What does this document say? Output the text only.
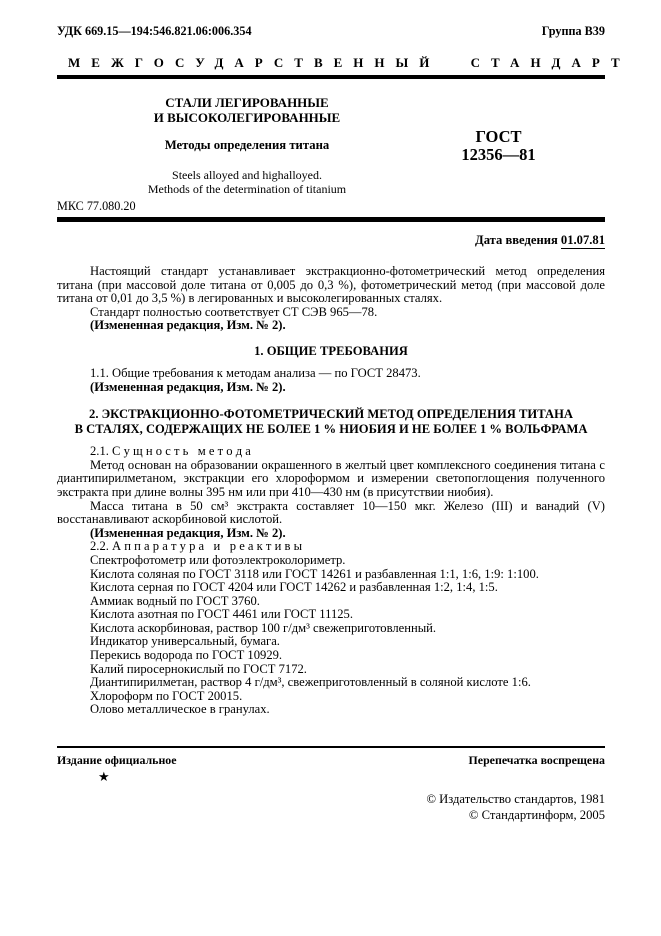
УДК 669.15—194:546.821.06:006.354	Группа В39
МЕЖГОСУДАРСТВЕННЫЙ СТАНДАРТ
СТАЛИ ЛЕГИРОВАННЫЕ
И ВЫСОКОЛЕГИРОВАННЫЕ
Методы определения титана
Steels alloyed and highalloyed.
Methods of the determination of titanium
ГОСТ
12356—81
МКС 77.080.20
Дата введения 01.07.81

Настоящий стандарт устанавливает экстракционно-фотометрический метод определения титана (при массовой доле титана от 0,005 до 0,3 %), фотометрический метод (при массовой доле титана от 0,01 до 3,5 %) в легированных и высоколегированных сталях.

Стандарт полностью соответствует СТ СЭВ 965—78.

(Измененная редакция, Изм. № 2).

1. ОБЩИЕ ТРЕБОВАНИЯ

1.1. Общие требования к методам анализа — по ГОСТ 28473.

(Измененная редакция, Изм. № 2).

2. ЭКСТРАКЦИОННО-ФОТОМЕТРИЧЕСКИЙ МЕТОД ОПРЕДЕЛЕНИЯ ТИТАНА
В СТАЛЯХ, СОДЕРЖАЩИХ НЕ БОЛЕЕ 1 % НИОБИЯ И НЕ БОЛЕЕ 1 % ВОЛЬФРАМА

2.1. С у щ н о с т ь   м е т о д а

Метод основан на образовании окрашенного в желтый цвет комплексного соединения титана с диантипирилметаном, экстракции его хлороформом и измерении светопоглощения полученного экстракта при длине волны 395 нм или при 410—430 нм (в присутствии ниобия).

Масса титана в 50 см³ экстракта составляет 10—150 мкг. Железо (III) и ванадий (V) восстанавливают аскорбиновой кислотой.

(Измененная редакция, Изм. № 2).

2.2. А п п а р а т у р а   и   р е а к т и в ы

Спектрофотометр или фотоэлектроколориметр.

Кислота соляная по ГОСТ 3118 или ГОСТ 14261 и разбавленная 1:1, 1:6, 1:9: 1:100.

Кислота серная по ГОСТ 4204 или ГОСТ 14262 и разбавленная 1:2, 1:4, 1:5.

Аммиак водный по ГОСТ 3760.

Кислота азотная по ГОСТ 4461 или ГОСТ 11125.

Кислота аскорбиновая, раствор 100 г/дм³ свежеприготовленный.

Индикатор универсальный, бумага.

Перекись водорода по ГОСТ 10929.

Калий пиросернокислый по ГОСТ 7172.

Диантипирилметан, раствор 4 г/дм³, свежеприготовленный в соляной кислоте 1:6.

Хлороформ по ГОСТ 20015.

Олово металлическое в гранулах.

Издание официальное	Перепечатка воспрещена
★
© Издательство стандартов, 1981
© Стандартинформ, 2005
